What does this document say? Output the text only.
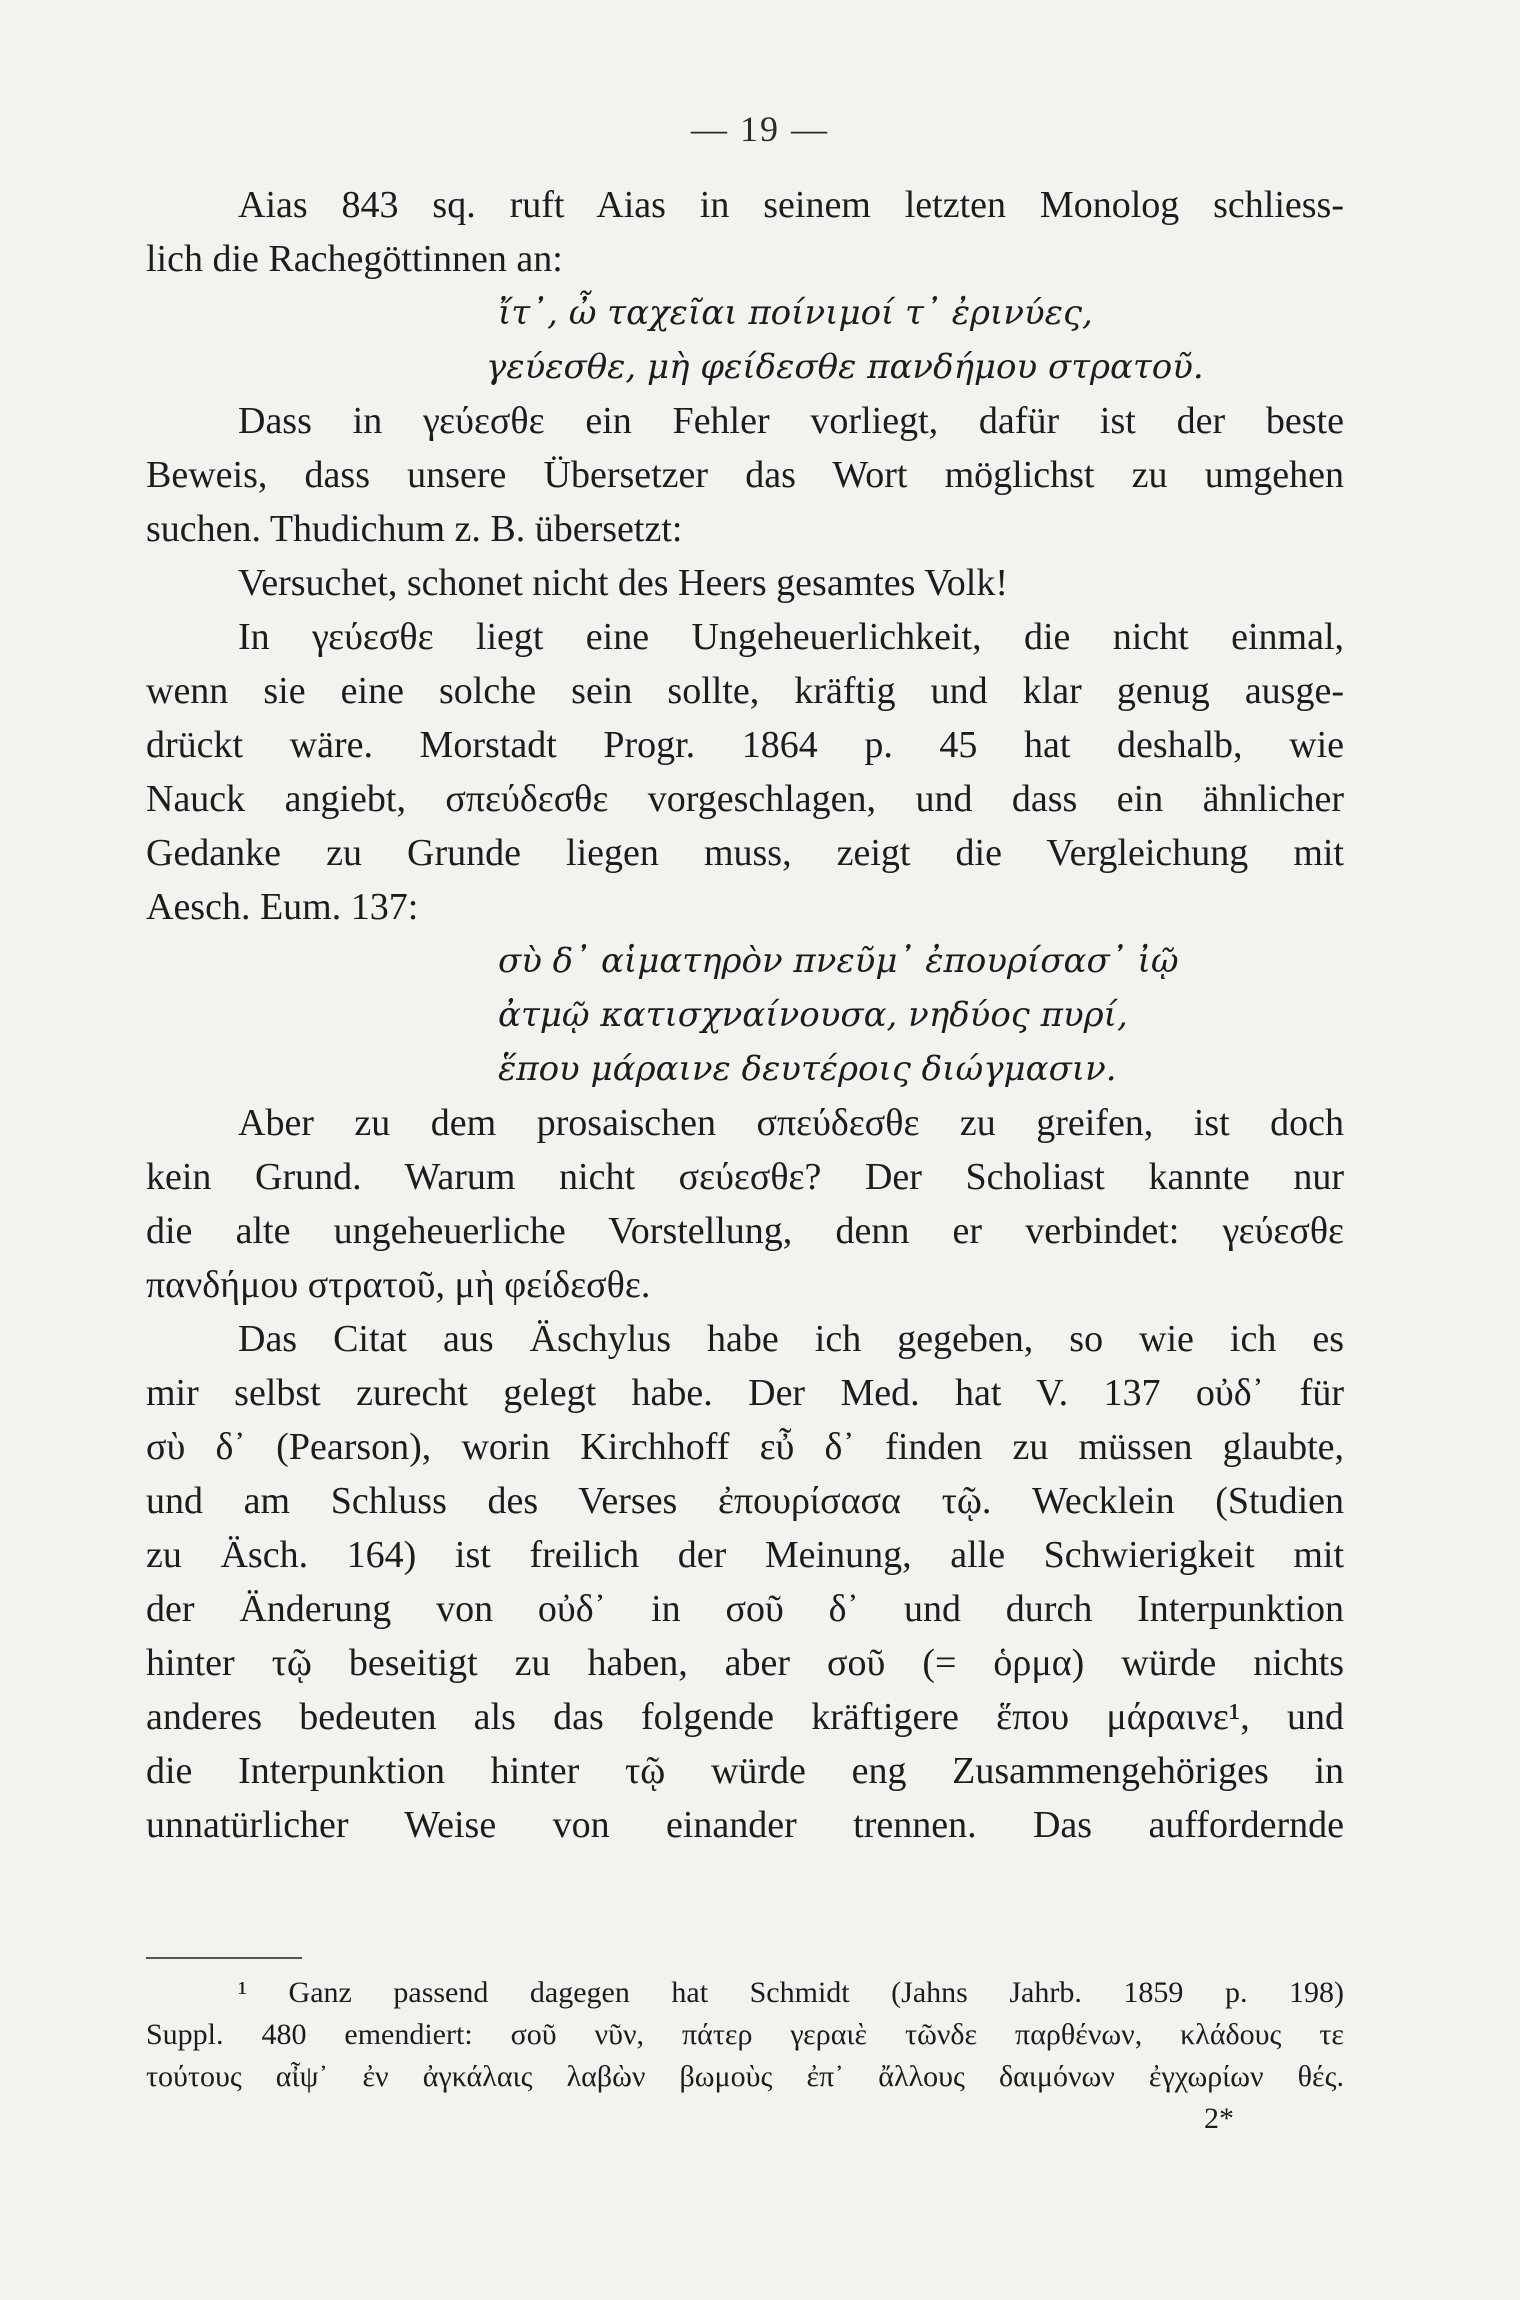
— 19 —
Aias 843 sq. ruft Aias in seinem letzten Monolog schliess-
lich die Rachegöttinnen an:
ἴτ᾽, ὦ ταχεῖαι ποίνιμοί τ᾽ ἐρινύες,
γεύεσθε, μὴ φείδεσθε πανδήμου στρατοῦ.
Dass in γεύεσθε ein Fehler vorliegt, dafür ist der beste
Beweis, dass unsere Übersetzer das Wort möglichst zu umgehen
suchen. Thudichum z. B. übersetzt:
Versuchet, schonet nicht des Heers gesamtes Volk!
In γεύεσθε liegt eine Ungeheuerlichkeit, die nicht einmal,
wenn sie eine solche sein sollte, kräftig und klar genug ausge-
drückt wäre. Morstadt Progr. 1864 p. 45 hat deshalb, wie
Nauck angiebt, σπεύδεσθε vorgeschlagen, und dass ein ähnlicher
Gedanke zu Grunde liegen muss, zeigt die Vergleichung mit
Aesch. Eum. 137:
σὺ δ᾽ αἱματηρὸν πνεῦμ᾽ ἐπουρίσασ᾽ ἰῷ
ἀτμῷ κατισχναίνουσα, νηδύος πυρί,
ἕπου μάραινε δευτέροις διώγμασιν.
Aber zu dem prosaischen σπεύδεσθε zu greifen, ist doch
kein Grund. Warum nicht σεύεσθε? Der Scholiast kannte nur
die alte ungeheuerliche Vorstellung, denn er verbindet: γεύεσθε
πανδήμου στρατοῦ, μὴ φείδεσθε.
Das Citat aus Äschylus habe ich gegeben, so wie ich es
mir selbst zurecht gelegt habe. Der Med. hat V. 137 οὐδ᾽ für
σὺ δ᾽ (Pearson), worin Kirchhoff εὖ δ᾽ finden zu müssen glaubte,
und am Schluss des Verses ἐπουρίσασα τῷ. Wecklein (Studien
zu Äsch. 164) ist freilich der Meinung, alle Schwierigkeit mit
der Änderung von οὐδ᾽ in σοῦ δ᾽ und durch Interpunktion
hinter τῷ beseitigt zu haben, aber σοῦ (= ὁρμα) würde nichts
anderes bedeuten als das folgende kräftigere ἕπου μάραινε¹, und
die Interpunktion hinter τῷ würde eng Zusammengehöriges in
unnatürlicher Weise von einander trennen. Das auffordernde
¹ Ganz passend dagegen hat Schmidt (Jahns Jahrb. 1859 p. 198)
Suppl. 480 emendiert: σοῦ νῦν, πάτερ γεραιὲ τῶνδε παρθένων, κλάδους τε
τούτους αἶψ᾽ ἐν ἀγκάλαις λαβὼν βωμοὺς ἐπ᾽ ἄλλους δαιμόνων ἐγχωρίων θές.
2*
